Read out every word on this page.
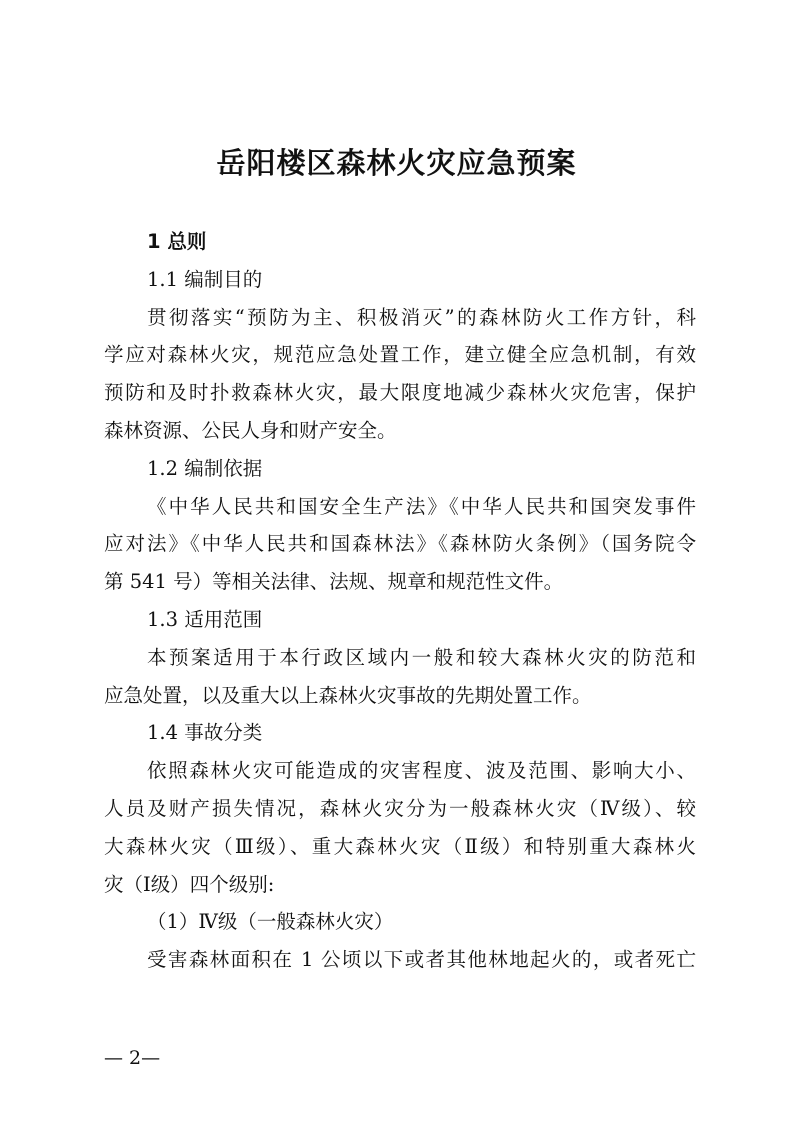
岳阳楼区森林火灾应急预案
1 总则
1.1 编制目的
贯彻落实“预防为主、积极消灭”的森林防火工作方针，科
学应对森林火灾，规范应急处置工作，建立健全应急机制，有效
预防和及时扑救森林火灾，最大限度地减少森林火灾危害，保护
森林资源、公民人身和财产安全。
1.2 编制依据
《中华人民共和国安全生产法》《中华人民共和国突发事件
应对法》《中华人民共和国森林法》《森林防火条例》（国务院令
第 541 号）等相关法律、法规、规章和规范性文件。
1.3 适用范围
本预案适用于本行政区域内一般和较大森林火灾的防范和
应急处置，以及重大以上森林火灾事故的先期处置工作。
1.4 事故分类
依照森林火灾可能造成的灾害程度、波及范围、影响大小、
人员及财产损失情况，森林火灾分为一般森林火灾（Ⅳ级）、较
大森林火灾（Ⅲ级）、重大森林火灾（Ⅱ级）和特别重大森林火
灾（Ⅰ级）四个级别:
（1）Ⅳ级（一般森林火灾）
受害森林面积在 1 公顷以下或者其他林地起火的，或者死亡
— 2—
